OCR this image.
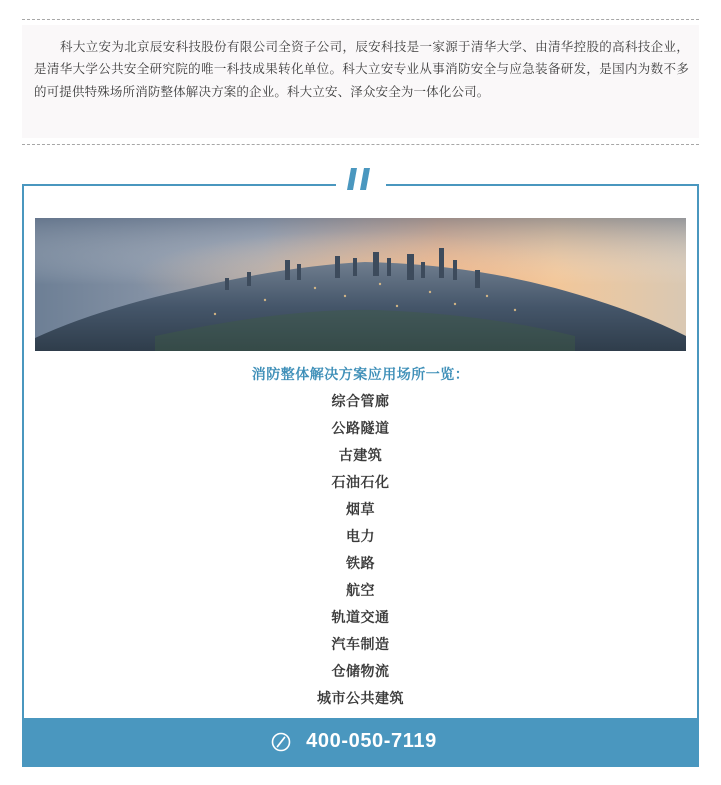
科大立安为北京辰安科技股份有限公司全资子公司，辰安科技是一家源于清华大学、由清华控股的高科技企业，是清华大学公共安全研究院的唯一科技成果转化单位。科大立安专业从事消防安全与应急装备研发，是国内为数不多的可提供特殊场所消防整体解决方案的企业。科大立安、泽众安全为一体化公司。

消防整体解决方案应用场所一览：
综合管廊
公路隧道
古建筑
石油石化
烟草
电力
铁路
航空
轨道交通
汽车制造
仓储物流
城市公共建筑
400-050-7119
